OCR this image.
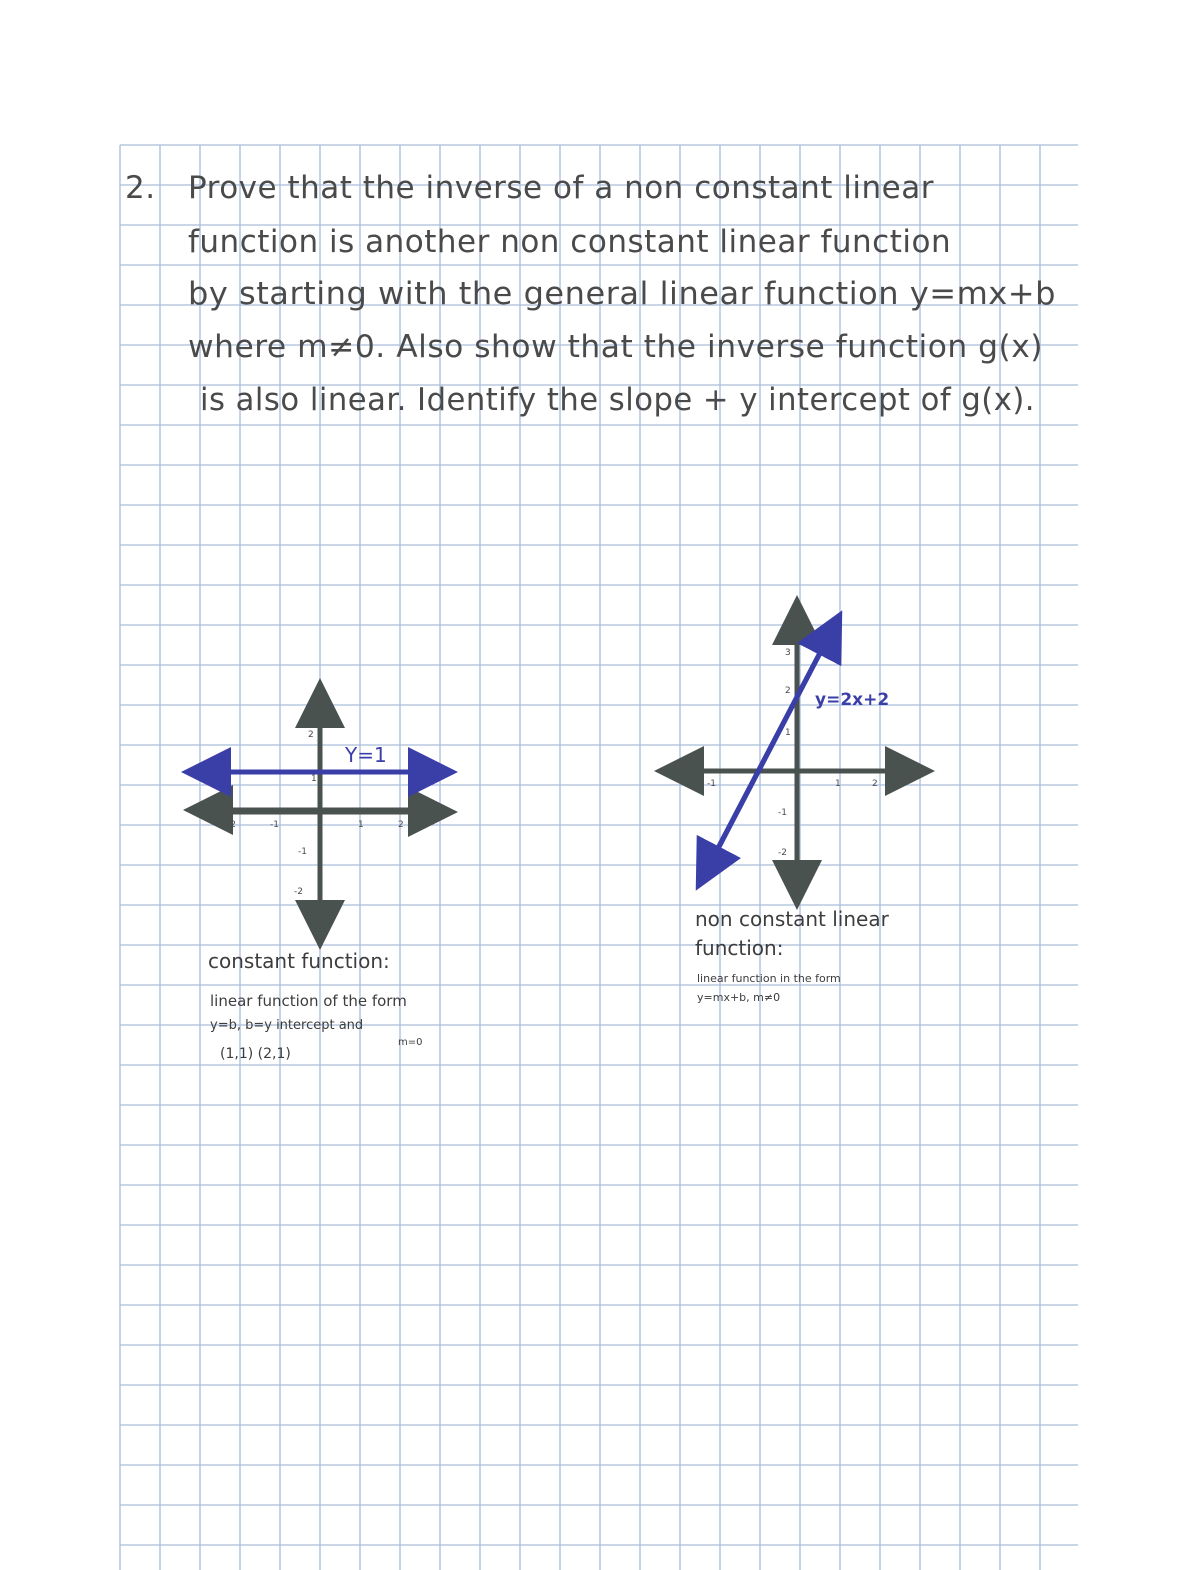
2. Prove that the inverse of a non constant linear
function is another non constant linear function
by starting with the general linear function y=mx+b
where m≠0. Also show that the inverse function g(x)
is also linear. Identify the slope + y intercept of g(x).
Y=1
2
1
-1
-2
-2	-1	1	2
constant function:
linear function of the form
y=b, b=y intercept and
m=0
(1,1) (2,1)
y=2x+2
3
2
1
-1
-2
-1	1	2
non constant linear
function:
linear function in the form
y=mx+b, m≠0
